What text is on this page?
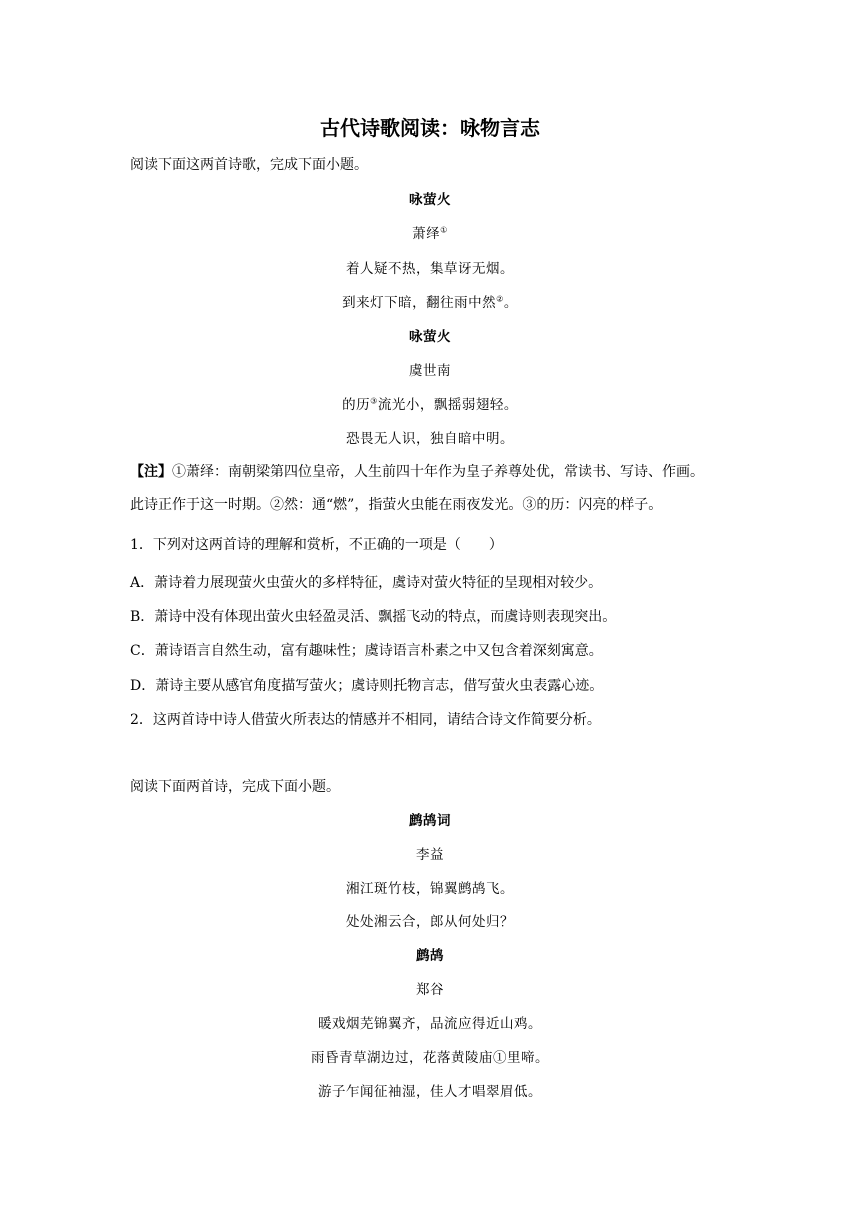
古代诗歌阅读：咏物言志
阅读下面这两首诗歌，完成下面小题。
咏萤火
萧绎①
着人疑不热，集草讶无烟。
到来灯下暗，翻往雨中然②。
咏萤火
虞世南
的历③流光小，飘摇弱翅轻。
恐畏无人识，独自暗中明。
【注】①萧绎：南朝梁第四位皇帝，人生前四十年作为皇子养尊处优，常读书、写诗、作画。
此诗正作于这一时期。②然：通“燃”，指萤火虫能在雨夜发光。③的历：闪亮的样子。
1．下列对这两首诗的理解和赏析，不正确的一项是（　　）
A．萧诗着力展现萤火虫萤火的多样特征，虞诗对萤火特征的呈现相对较少。
B．萧诗中没有体现出萤火虫轻盈灵活、飘摇飞动的特点，而虞诗则表现突出。
C．萧诗语言自然生动，富有趣味性；虞诗语言朴素之中又包含着深刻寓意。
D．萧诗主要从感官角度描写萤火；虞诗则托物言志，借写萤火虫表露心迹。
2．这两首诗中诗人借萤火所表达的情感并不相同，请结合诗文作简要分析。
阅读下面两首诗，完成下面小题。
鹧鸪词
李益
湘江斑竹枝，锦翼鹧鸪飞。
处处湘云合，郎从何处归？
鹧鸪
郑谷
暖戏烟芜锦翼齐，品流应得近山鸡。
雨昏青草湖边过，花落黄陵庙①里啼。
游子乍闻征袖湿，佳人才唱翠眉低。
